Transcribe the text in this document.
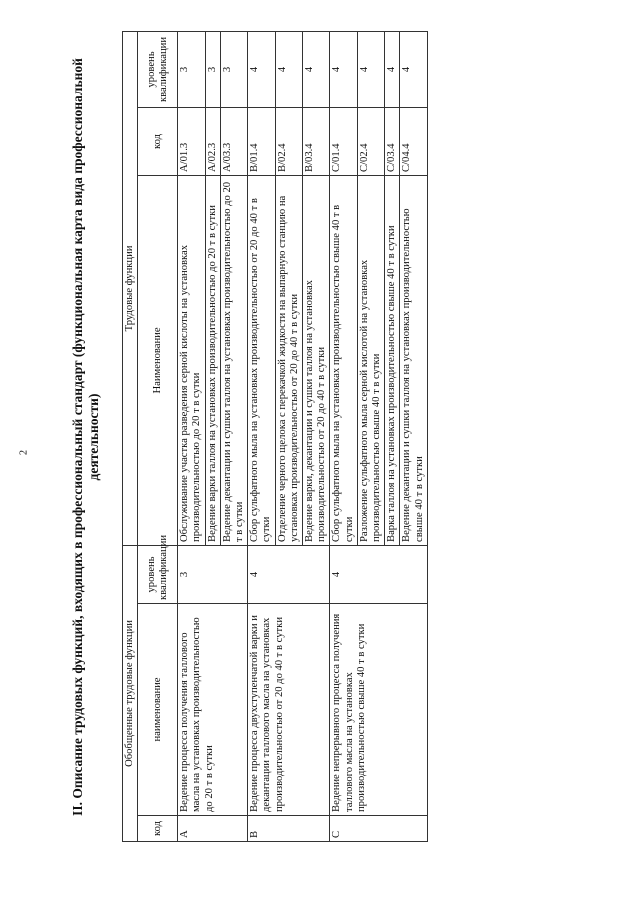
2	II. Описание трудовых функций, входящих в профессиональный стандарт (функциональная карта вида профессиональной деятельности)
Обобщенные трудовые функции			Трудовые функции		
код	наименование	уровень квалификации	Наименование	код	уровень квалификации
A	Ведение процесса получения таллового масла на установках производительностью до 20 т в сутки	3	Обслуживание участка разведения серной кислоты на установках производительностью до 20 т в сутки	A/01.3	3
			Ведение варки таллоя на установках производительностью до 20 т в сутки	A/02.3	3
			Ведение декантации и сушки таллоя на установках производительностью до 20 т в сутки	A/03.3	3
B	Ведение процесса двухступенчатой варки и декантации таллового масла на установках производительностью от 20 до 40 т в сутки	4	Сбор сульфатного мыла на установках производительностью от 20 до 40 т в сутки	B/01.4	4
			Отделение черного щелока с перекачкой жидкости на выпарную станцию на установках производительностью от 20 до 40 т в сутки	B/02.4	4
			Ведение варки, декантации и сушки таллоя на установках производительностью от 20 до 40 т в сутки	B/03.4	4
C	Ведение непрерывного процесса получения таллового масла на установках производительностью свыше 40 т в сутки	4	Сбор сульфатного мыла на установках производительностью свыше 40 т в сутки	C/01.4	4
			Разложение сульфатного мыла серной кислотой на установках производительностью свыше 40 т в сутки	C/02.4	4
			Варка таллоя на установках производительностью свыше 40 т в сутки	C/03.4	4
			Ведение декантации и сушки таллоя на установках производительностью свыше 40 т в сутки	C/04.4	4
